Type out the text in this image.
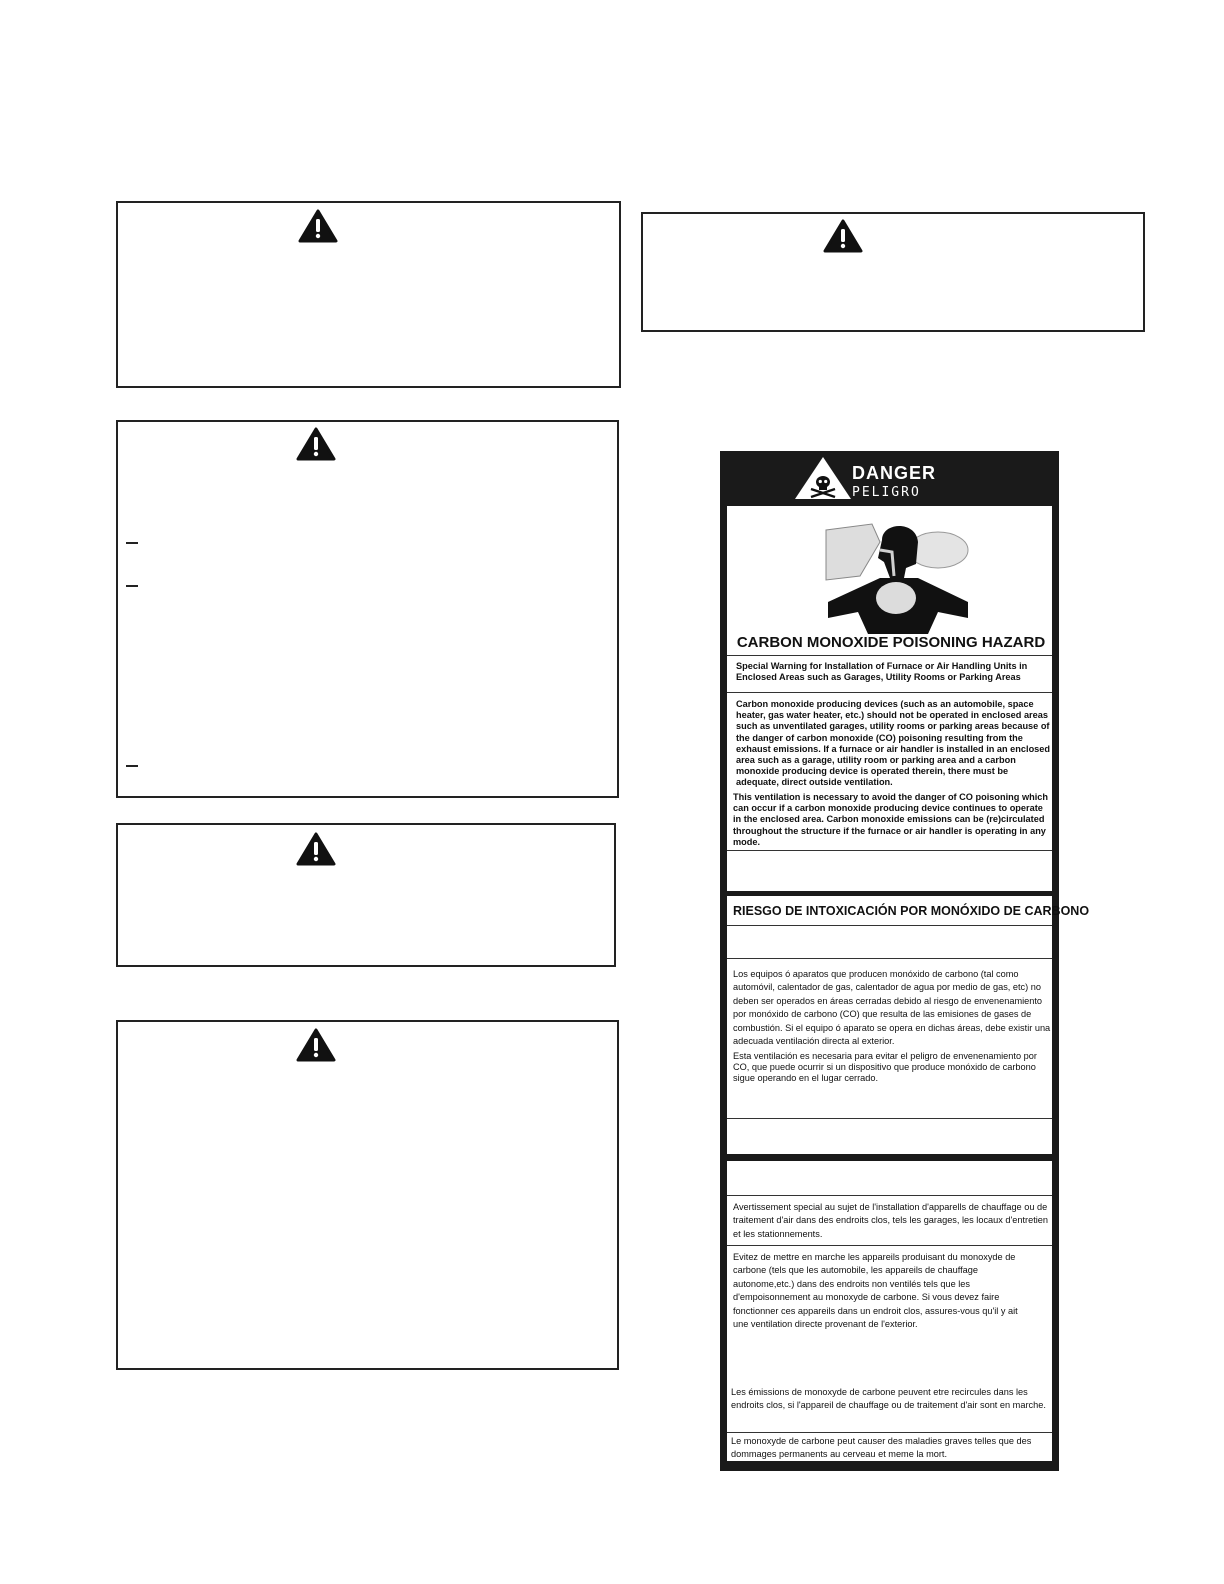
DANGER
PELIGRO

CARBON MONOXIDE POISONING HAZARD

Special Warning for Installation of Furnace or Air Handling Units in Enclosed Areas such as Garages, Utility Rooms or Parking Areas

Carbon monoxide producing devices (such as an automobile, space heater, gas water heater, etc.) should not be operated in enclosed areas such as unventilated garages, utility rooms or parking areas because of the danger of carbon monoxide (CO) poisoning resulting from the exhaust emissions. If a furnace or air handler is installed in an enclosed area such as a garage, utility room or parking area and a carbon monoxide producing device is operated therein, there must be adequate, direct outside ventilation.

This ventilation is necessary to avoid the danger of CO poisoning which can occur if a carbon monoxide producing device continues to operate in the enclosed area. Carbon monoxide emissions can be (re)circulated throughout the structure if the furnace or air handler is operating in any mode.

RIESGO DE INTOXICACIÓN POR MONÓXIDO DE CARBONO

Los equipos ó aparatos que producen monóxido de carbono (tal como automóvil, calentador de gas, calentador de agua por medio de gas, etc) no deben ser operados en áreas cerradas debido al riesgo de envenenamiento por monóxido de carbono (CO) que resulta de las emisiones de gases de combustión. Si el equipo ó aparato se opera en dichas áreas, debe existir una adecuada ventilación directa al exterior.

Esta ventilación es necesaria para evitar el peligro de envenenamiento por CO, que puede ocurrir si un dispositivo que produce monóxido de carbono sigue operando en el lugar cerrado.

Avertissement special au sujet de l'installation d'apparells de chauffage ou de traitement d'air dans des endroits clos, tels les garages, les locaux d'entretien et les stationnements.

Evitez de mettre en marche les appareils produisant du monoxyde de carbone (tels que les automobile, les appareils de chauffage autonome,etc.) dans des endroits non ventilés tels que les d'empoisonnement au monoxyde de carbone. Si vous devez faire fonctionner ces appareils dans un endroit clos, assures-vous qu'il y ait une ventilation directe provenant de l'exterior.

Les émissions de monoxyde de carbone peuvent etre recircules dans les endroits clos, si l'appareil de chauffage ou de traitement d'air sont en marche.

Le monoxyde de carbone peut causer des maladies graves telles que des dommages permanents au cerveau et meme la mort.
